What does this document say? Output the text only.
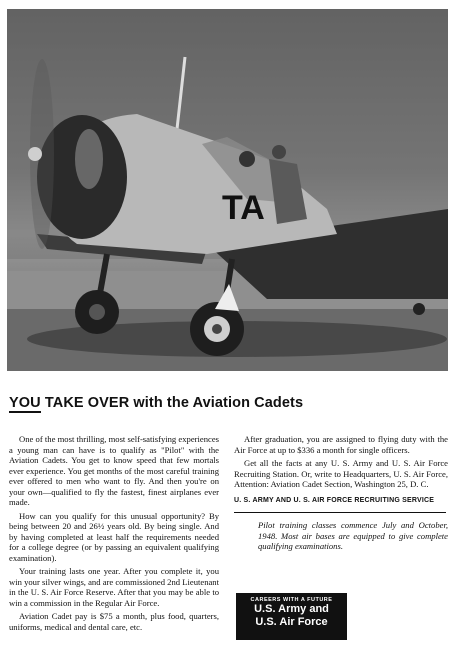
TA
YOU TAKE OVER with the Aviation Cadets

One of the most thrilling, most self-satisfying experiences a young man can have is to qualify as "Pilot" with the Aviation Cadets. You get to know speed that few mortals ever experience. You get months of the most careful training ever offered to men who want to fly. And then you're on your own—qualified to fly the fastest, finest airplanes ever made.

How can you qualify for this unusual opportunity? By being between 20 and 26½ years old. By being single. And by having completed at least half the requirements needed for a college degree (or by passing an equivalent qualifying examination).

Your training lasts one year. After you complete it, you win your silver wings, and are commissioned 2nd Lieutenant in the U. S. Air Force Reserve. After that you may be able to win a commission in the Regular Air Force.

Aviation Cadet pay is $75 a month, plus food, quarters, uniforms, medical and dental care, etc.

After graduation, you are assigned to flying duty with the Air Force at up to $336 a month for single officers.

Get all the facts at any U. S. Army and U. S. Air Force Recruiting Station. Or, write to Headquarters, U. S. Air Force, Attention: Aviation Cadet Section, Washington 25, D. C.

U. S. ARMY AND U. S. AIR FORCE RECRUITING SERVICE
Pilot training classes commence July and October, 1948. Most air bases are equipped to give complete qualifying examinations.
CAREERS WITH A FUTURE
U.S. Army and
U.S. Air Force
